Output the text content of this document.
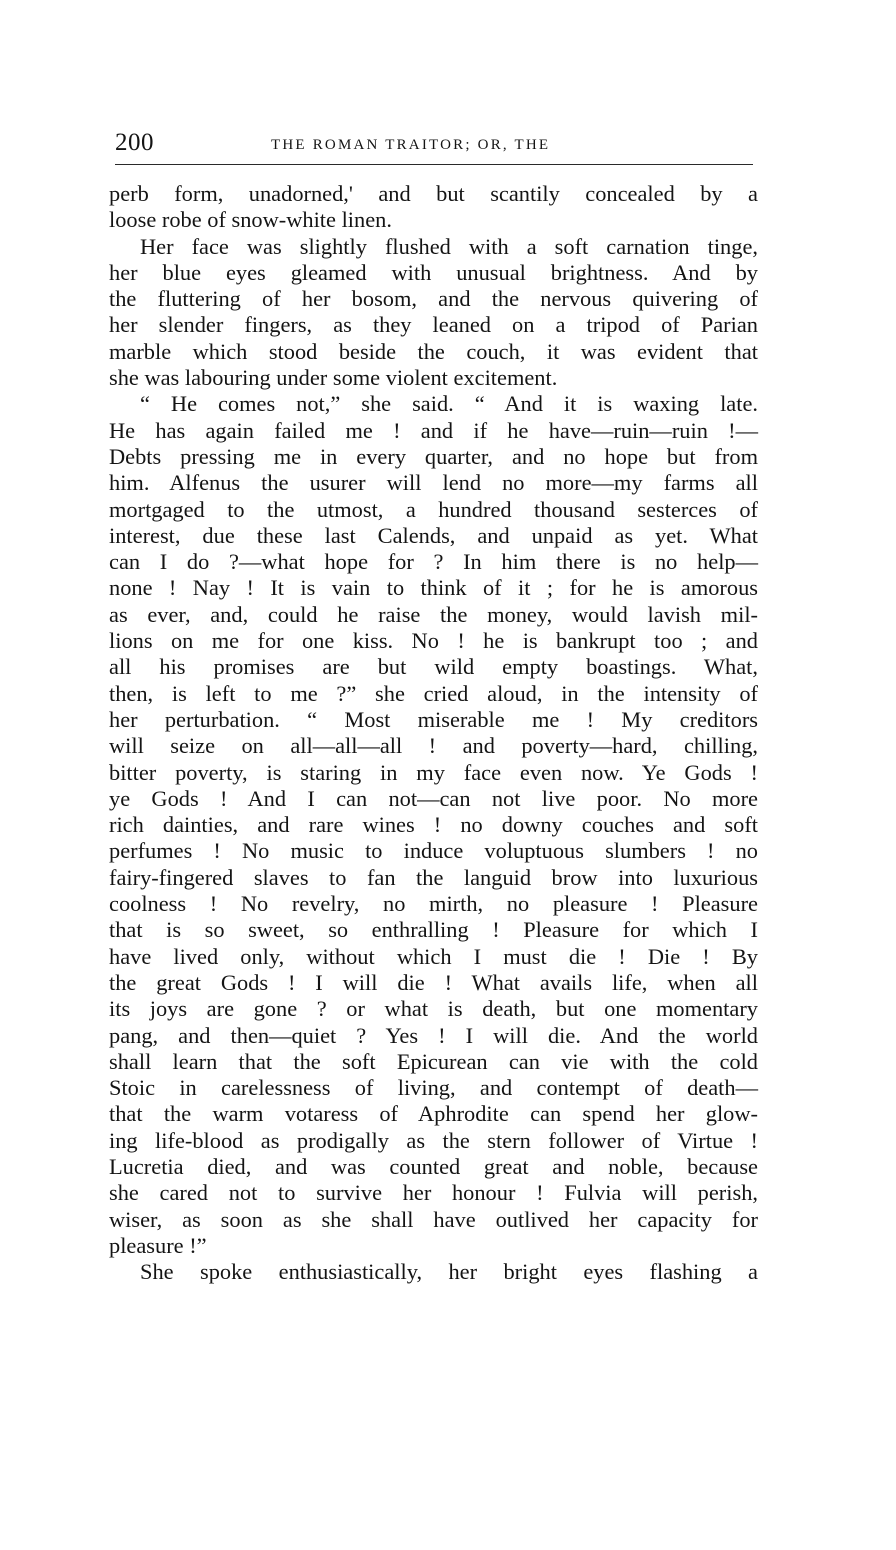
200	THE ROMAN TRAITOR; OR, THE
perb form, unadorned,' and but scantily concealed by a
loose robe of snow-white linen.
Her face was slightly flushed with a soft carnation tinge,
her blue eyes gleamed with unusual brightness. And by
the fluttering of her bosom, and the nervous quivering of
her slender fingers, as they leaned on a tripod of Parian
marble which stood beside the couch, it was evident that
she was labouring under some violent excitement.
“ He comes not,” she said. “ And it is waxing late.
He has again failed me ! and if he have—ruin—ruin !—
Debts pressing me in every quarter, and no hope but from
him. Alfenus the usurer will lend no more—my farms all
mortgaged to the utmost, a hundred thousand sesterces of
interest, due these last Calends, and unpaid as yet. What
can I do ?—what hope for ? In him there is no help—
none ! Nay ! It is vain to think of it ; for he is amorous
as ever, and, could he raise the money, would lavish mil-
lions on me for one kiss. No ! he is bankrupt too ; and
all his promises are but wild empty boastings. What,
then, is left to me ?” she cried aloud, in the intensity of
her perturbation. “ Most miserable me ! My creditors
will seize on all—all—all ! and poverty—hard, chilling,
bitter poverty, is staring in my face even now. Ye Gods !
ye Gods ! And I can not—can not live poor. No more
rich dainties, and rare wines ! no downy couches and soft
perfumes ! No music to induce voluptuous slumbers ! no
fairy-fingered slaves to fan the languid brow into luxurious
coolness ! No revelry, no mirth, no pleasure ! Pleasure
that is so sweet, so enthralling ! Pleasure for which I
have lived only, without which I must die ! Die ! By
the great Gods ! I will die ! What avails life, when all
its joys are gone ? or what is death, but one momentary
pang, and then—quiet ? Yes ! I will die. And the world
shall learn that the soft Epicurean can vie with the cold
Stoic in carelessness of living, and contempt of death—
that the warm votaress of Aphrodite can spend her glow-
ing life-blood as prodigally as the stern follower of Virtue !
Lucretia died, and was counted great and noble, because
she cared not to survive her honour ! Fulvia will perish,
wiser, as soon as she shall have outlived her capacity for
pleasure !”
She spoke enthusiastically, her bright eyes flashing a
